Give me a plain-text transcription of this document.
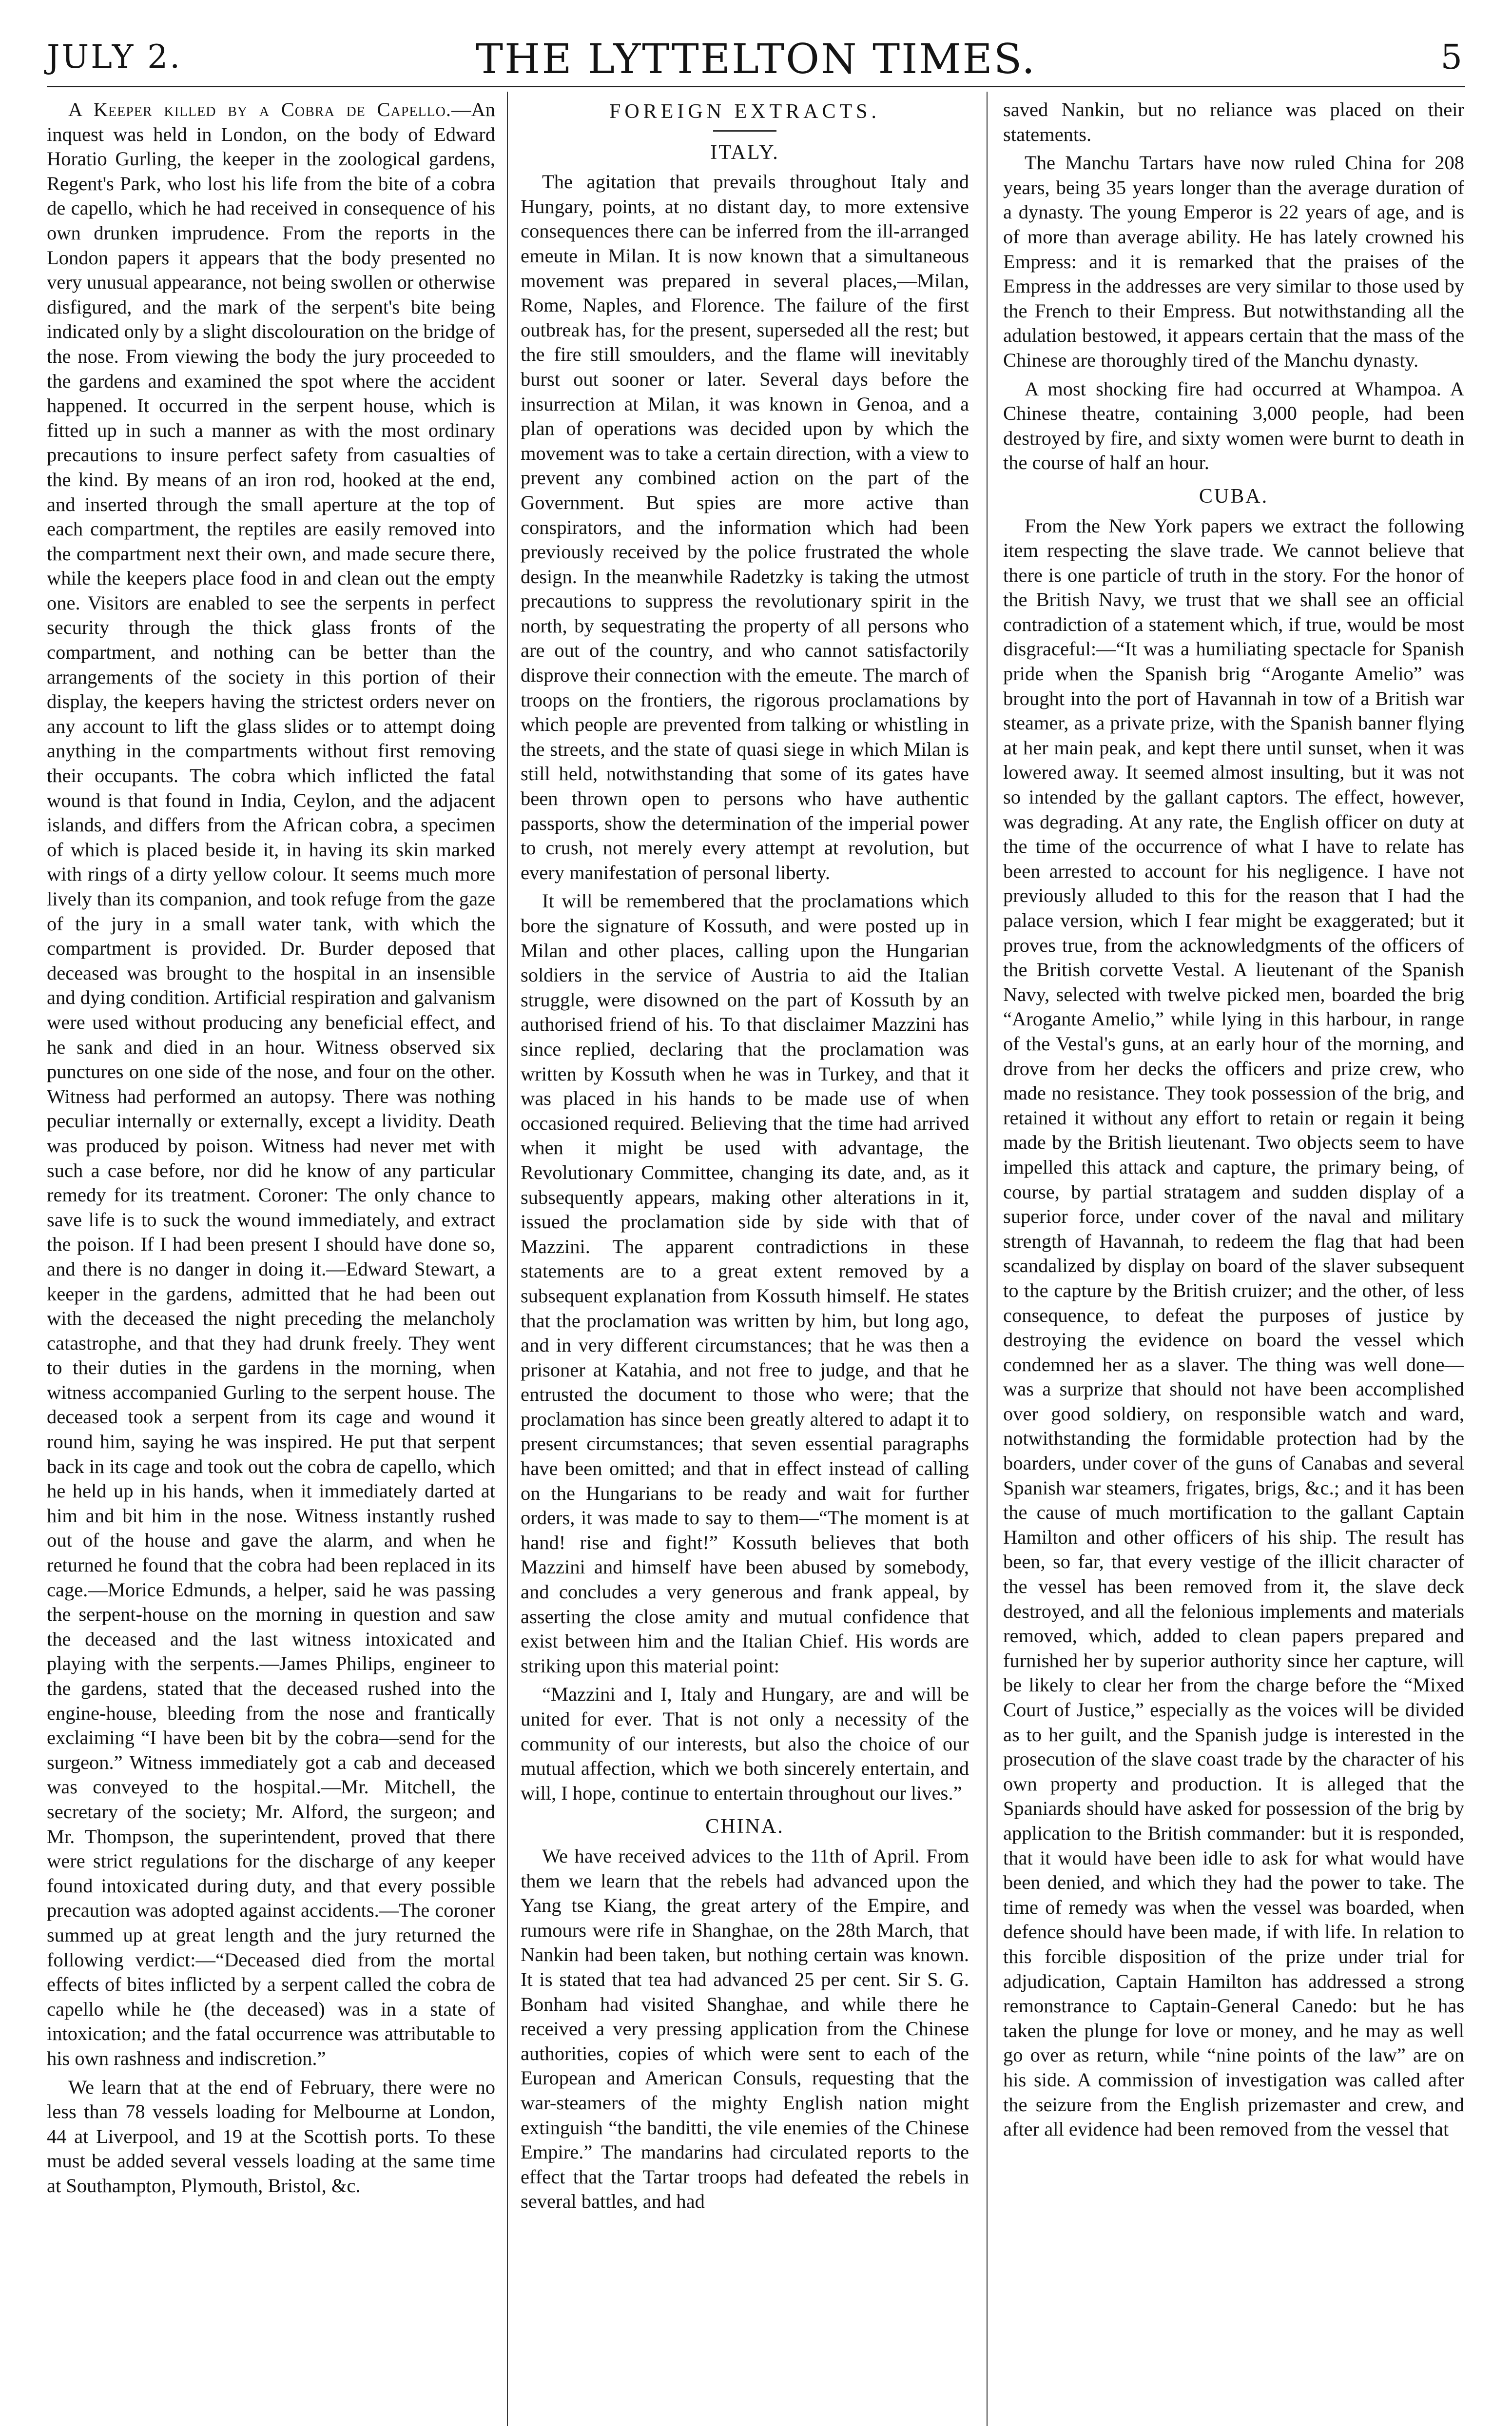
JULY 2.	THE LYTTELTON TIMES.	5

A Keeper killed by a Cobra de Capello.—An inquest was held in London, on the body of Edward Horatio Gurling, the keeper in the zoological gardens, Regent's Park, who lost his life from the bite of a cobra de capello, which he had received in consequence of his own drunken imprudence. From the reports in the London papers it appears that the body presented no very unusual appearance, not being swollen or otherwise disfigured, and the mark of the serpent's bite being indicated only by a slight discolouration on the bridge of the nose. From viewing the body the jury proceeded to the gardens and examined the spot where the accident happened. It occurred in the serpent house, which is fitted up in such a manner as with the most ordinary precautions to insure perfect safety from casualties of the kind. By means of an iron rod, hooked at the end, and inserted through the small aperture at the top of each compartment, the reptiles are easily removed into the compartment next their own, and made secure there, while the keepers place food in and clean out the empty one. Visitors are enabled to see the serpents in perfect security through the thick glass fronts of the compartment, and nothing can be better than the arrangements of the society in this portion of their display, the keepers having the strictest orders never on any account to lift the glass slides or to attempt doing anything in the compartments without first removing their occupants. The cobra which inflicted the fatal wound is that found in India, Ceylon, and the adjacent islands, and differs from the African cobra, a specimen of which is placed beside it, in having its skin marked with rings of a dirty yellow colour. It seems much more lively than its companion, and took refuge from the gaze of the jury in a small water tank, with which the compartment is provided. Dr. Burder deposed that deceased was brought to the hospital in an insensible and dying condition. Artificial respiration and galvanism were used without producing any beneficial effect, and he sank and died in an hour. Witness observed six punctures on one side of the nose, and four on the other. Witness had performed an autopsy. There was nothing peculiar internally or externally, except a lividity. Death was produced by poison. Witness had never met with such a case before, nor did he know of any particular remedy for its treatment. Coroner: The only chance to save life is to suck the wound immediately, and extract the poison. If I had been present I should have done so, and there is no danger in doing it.—Edward Stewart, a keeper in the gardens, admitted that he had been out with the deceased the night preceding the melancholy catastrophe, and that they had drunk freely. They went to their duties in the gardens in the morning, when witness accompanied Gurling to the serpent house. The deceased took a serpent from its cage and wound it round him, saying he was inspired. He put that serpent back in its cage and took out the cobra de capello, which he held up in his hands, when it immediately darted at him and bit him in the nose. Witness instantly rushed out of the house and gave the alarm, and when he returned he found that the cobra had been replaced in its cage.—Morice Edmunds, a helper, said he was passing the serpent-house on the morning in question and saw the deceased and the last witness intoxicated and playing with the serpents.—James Philips, engineer to the gardens, stated that the deceased rushed into the engine-house, bleeding from the nose and frantically exclaiming “I have been bit by the cobra—send for the surgeon.” Witness immediately got a cab and deceased was conveyed to the hospital.—Mr. Mitchell, the secretary of the society; Mr. Alford, the surgeon; and Mr. Thompson, the superintendent, proved that there were strict regulations for the discharge of any keeper found intoxicated during duty, and that every possible precaution was adopted against accidents.—The coroner summed up at great length and the jury returned the following verdict:—“Deceased died from the mortal effects of bites inflicted by a serpent called the cobra de capello while he (the deceased) was in a state of intoxication; and the fatal occurrence was attributable to his own rashness and indiscretion.”

We learn that at the end of February, there were no less than 78 vessels loading for Melbourne at London, 44 at Liverpool, and 19 at the Scottish ports. To these must be added several vessels loading at the same time at Southampton, Plymouth, Bristol, &c.

FOREIGN EXTRACTS.
ITALY.

The agitation that prevails throughout Italy and Hungary, points, at no distant day, to more extensive consequences there can be inferred from the ill-arranged emeute in Milan. It is now known that a simultaneous movement was prepared in several places,—Milan, Rome, Naples, and Florence. The failure of the first outbreak has, for the present, superseded all the rest; but the fire still smoulders, and the flame will inevitably burst out sooner or later. Several days before the insurrection at Milan, it was known in Genoa, and a plan of operations was decided upon by which the movement was to take a certain direction, with a view to prevent any combined action on the part of the Government. But spies are more active than conspirators, and the information which had been previously received by the police frustrated the whole design. In the meanwhile Radetzky is taking the utmost precautions to suppress the revolutionary spirit in the north, by sequestrating the property of all persons who are out of the country, and who cannot satisfactorily disprove their connection with the emeute. The march of troops on the frontiers, the rigorous proclamations by which people are prevented from talking or whistling in the streets, and the state of quasi siege in which Milan is still held, notwithstanding that some of its gates have been thrown open to persons who have authentic passports, show the determination of the imperial power to crush, not merely every attempt at revolution, but every manifestation of personal liberty.

It will be remembered that the proclamations which bore the signature of Kossuth, and were posted up in Milan and other places, calling upon the Hungarian soldiers in the service of Austria to aid the Italian struggle, were disowned on the part of Kossuth by an authorised friend of his. To that disclaimer Mazzini has since replied, declaring that the proclamation was written by Kossuth when he was in Turkey, and that it was placed in his hands to be made use of when occasioned required. Believing that the time had arrived when it might be used with advantage, the Revolutionary Committee, changing its date, and, as it subsequently appears, making other alterations in it, issued the proclamation side by side with that of Mazzini. The apparent contradictions in these statements are to a great extent removed by a subsequent explanation from Kossuth himself. He states that the proclamation was written by him, but long ago, and in very different circumstances; that he was then a prisoner at Katahia, and not free to judge, and that he entrusted the document to those who were; that the proclamation has since been greatly altered to adapt it to present circumstances; that seven essential paragraphs have been omitted; and that in effect instead of calling on the Hungarians to be ready and wait for further orders, it was made to say to them—“The moment is at hand! rise and fight!” Kossuth believes that both Mazzini and himself have been abused by somebody, and concludes a very generous and frank appeal, by asserting the close amity and mutual confidence that exist between him and the Italian Chief. His words are striking upon this material point:

“Mazzini and I, Italy and Hungary, are and will be united for ever. That is not only a necessity of the community of our interests, but also the choice of our mutual affection, which we both sincerely entertain, and will, I hope, continue to entertain throughout our lives.”

CHINA.

We have received advices to the 11th of April. From them we learn that the rebels had advanced upon the Yang tse Kiang, the great artery of the Empire, and rumours were rife in Shanghae, on the 28th March, that Nankin had been taken, but nothing certain was known. It is stated that tea had advanced 25 per cent. Sir S. G. Bonham had visited Shanghae, and while there he received a very pressing application from the Chinese authorities, copies of which were sent to each of the European and American Consuls, requesting that the war-steamers of the mighty English nation might extinguish “the banditti, the vile enemies of the Chinese Empire.” The mandarins had circulated reports to the effect that the Tartar troops had defeated the rebels in several battles, and had

saved Nankin, but no reliance was placed on their statements.

The Manchu Tartars have now ruled China for 208 years, being 35 years longer than the average duration of a dynasty. The young Emperor is 22 years of age, and is of more than average ability. He has lately crowned his Empress: and it is remarked that the praises of the Empress in the addresses are very similar to those used by the French to their Empress. But notwithstanding all the adulation bestowed, it appears certain that the mass of the Chinese are thoroughly tired of the Manchu dynasty.

A most shocking fire had occurred at Whampoa. A Chinese theatre, containing 3,000 people, had been destroyed by fire, and sixty women were burnt to death in the course of half an hour.

CUBA.

From the New York papers we extract the following item respecting the slave trade. We cannot believe that there is one particle of truth in the story. For the honor of the British Navy, we trust that we shall see an official contradiction of a statement which, if true, would be most disgraceful:—“It was a humiliating spectacle for Spanish pride when the Spanish brig “Arogante Amelio” was brought into the port of Havannah in tow of a British war steamer, as a private prize, with the Spanish banner flying at her main peak, and kept there until sunset, when it was lowered away. It seemed almost insulting, but it was not so intended by the gallant captors. The effect, however, was degrading. At any rate, the English officer on duty at the time of the occurrence of what I have to relate has been arrested to account for his negligence. I have not previously alluded to this for the reason that I had the palace version, which I fear might be exaggerated; but it proves true, from the acknowledgments of the officers of the British corvette Vestal. A lieutenant of the Spanish Navy, selected with twelve picked men, boarded the brig “Arogante Amelio,” while lying in this harbour, in range of the Vestal's guns, at an early hour of the morning, and drove from her decks the officers and prize crew, who made no resistance. They took possession of the brig, and retained it without any effort to retain or regain it being made by the British lieutenant. Two objects seem to have impelled this attack and capture, the primary being, of course, by partial stratagem and sudden display of a superior force, under cover of the naval and military strength of Havannah, to redeem the flag that had been scandalized by display on board of the slaver subsequent to the capture by the British cruizer; and the other, of less consequence, to defeat the purposes of justice by destroying the evidence on board the vessel which condemned her as a slaver. The thing was well done—was a surprize that should not have been accomplished over good soldiery, on responsible watch and ward, notwithstanding the formidable protection had by the boarders, under cover of the guns of Canabas and several Spanish war steamers, frigates, brigs, &c.; and it has been the cause of much mortification to the gallant Captain Hamilton and other officers of his ship. The result has been, so far, that every vestige of the illicit character of the vessel has been removed from it, the slave deck destroyed, and all the felonious implements and materials removed, which, added to clean papers prepared and furnished her by superior authority since her capture, will be likely to clear her from the charge before the “Mixed Court of Justice,” especially as the voices will be divided as to her guilt, and the Spanish judge is interested in the prosecution of the slave coast trade by the character of his own property and production. It is alleged that the Spaniards should have asked for possession of the brig by application to the British commander: but it is responded, that it would have been idle to ask for what would have been denied, and which they had the power to take. The time of remedy was when the vessel was boarded, when defence should have been made, if with life. In relation to this forcible disposition of the prize under trial for adjudication, Captain Hamilton has addressed a strong remonstrance to Captain-General Canedo: but he has taken the plunge for love or money, and he may as well go over as return, while “nine points of the law” are on his side. A commission of investigation was called after the seizure from the English prizemaster and crew, and after all evidence had been removed from the vessel that
